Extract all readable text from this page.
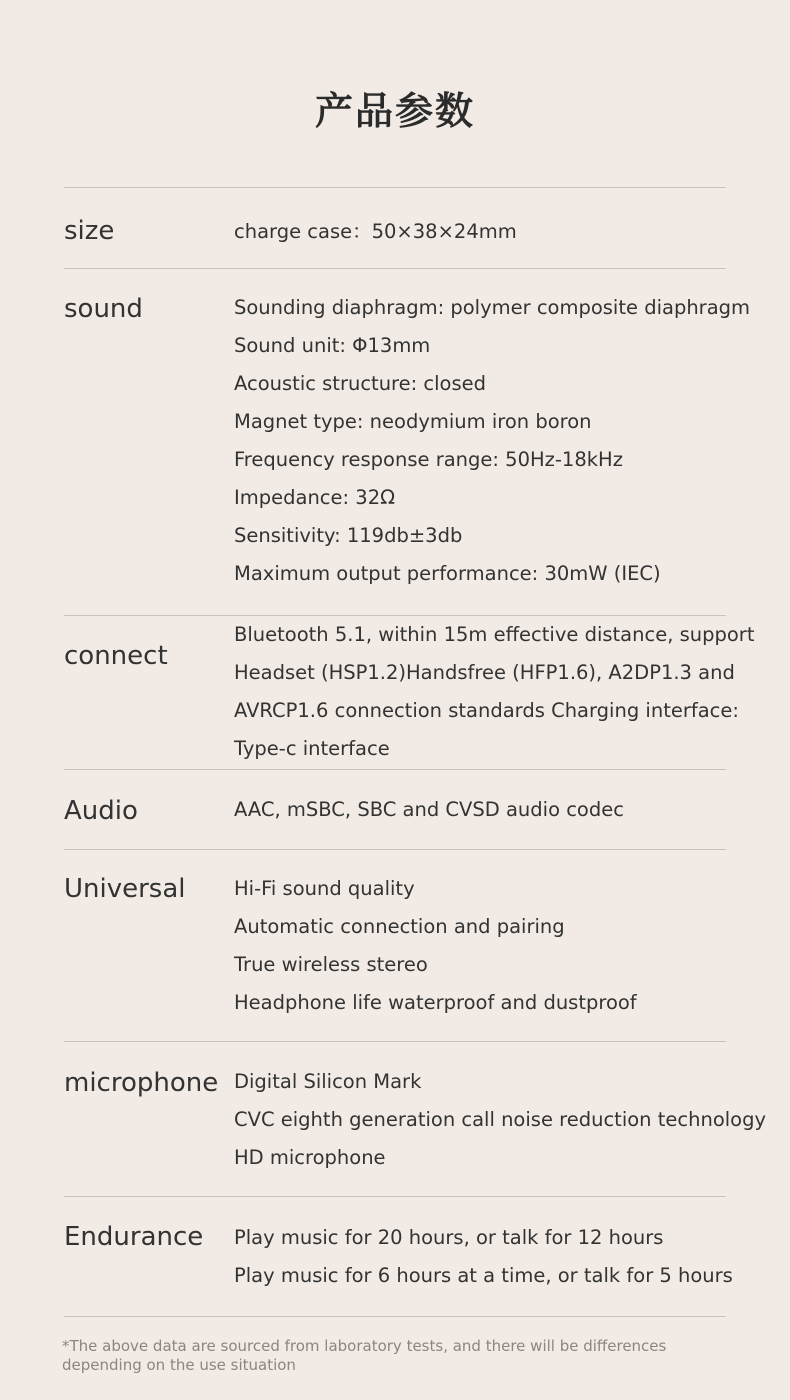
产品参数
size	charge case：50×38×24mm
sound	Sounding diaphragm: polymer composite diaphragm
Sound unit: Φ13mm
Acoustic structure: closed
Magnet type: neodymium iron boron
Frequency response range: 50Hz-18kHz
Impedance: 32Ω
Sensitivity: 119db±3db
Maximum output performance: 30mW (IEC)
connect
Bluetooth 5.1, within 15m effective distance, support
Headset (HSP1.2)Handsfree (HFP1.6), A2DP1.3 and
AVRCP1.6 connection standards Charging interface:
Type-c interface
Audio	AAC, mSBC, SBC and CVSD audio codec
Universal Hi-Fi sound quality
Automatic connection and pairing
True wireless stereo
Headphone life waterproof and dustproof
microphone Digital Silicon Mark
CVC eighth generation call noise reduction technology
HD microphone
Endurance Play music for 20 hours, or talk for 12 hours
Play music for 6 hours at a time, or talk for 5 hours
*The above data are sourced from laboratory tests, and there will be differences depending on the use situation
